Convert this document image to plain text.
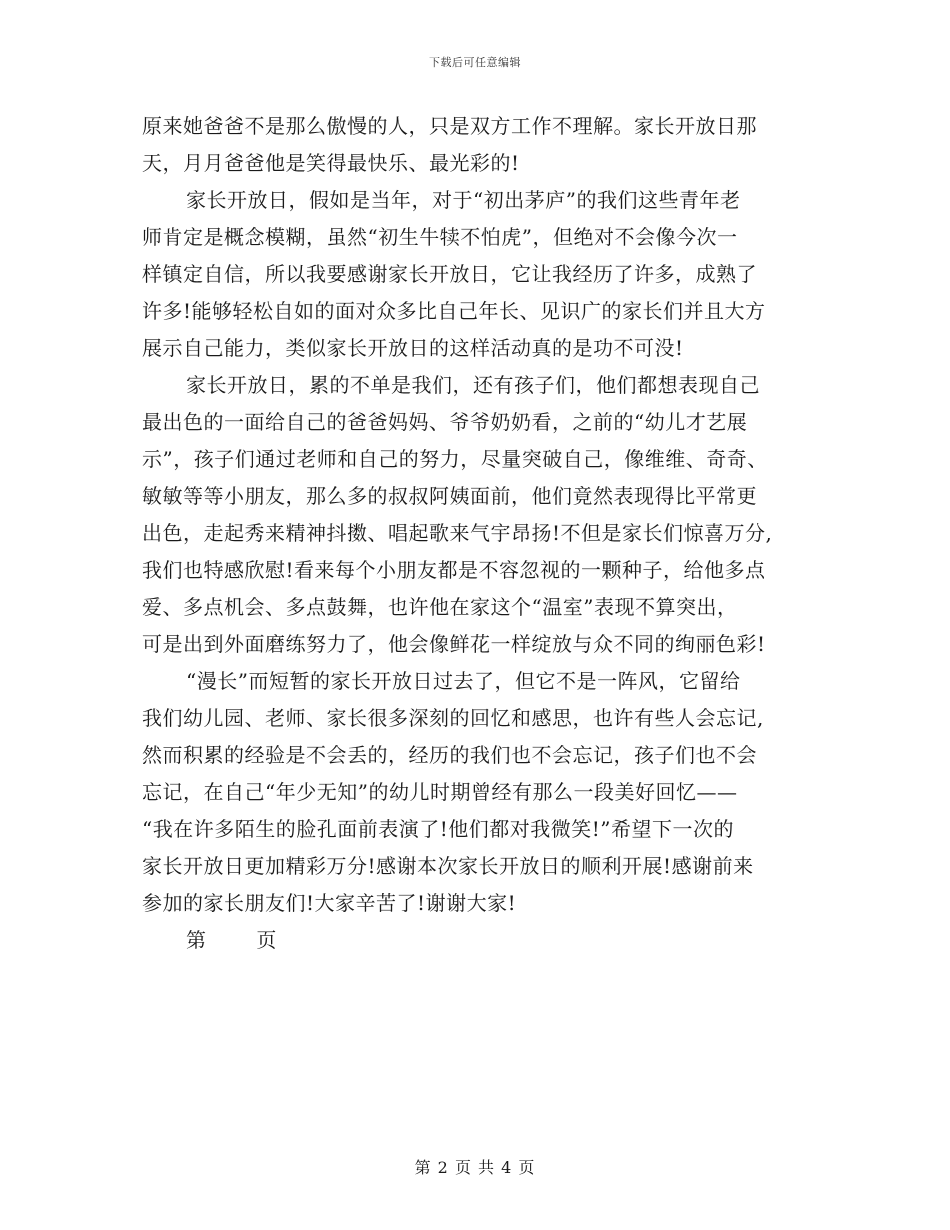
下载后可任意编辑
原来她爸爸不是那么傲慢的人，只是双方工作不理解。家长开放日那
天，月月爸爸他是笑得最快乐、最光彩的!
家长开放日，假如是当年，对于“初出茅庐”的我们这些青年老
师肯定是概念模糊，虽然“初生牛犊不怕虎”，但绝对不会像今次一
样镇定自信，所以我要感谢家长开放日，它让我经历了许多，成熟了
许多!能够轻松自如的面对众多比自己年长、见识广的家长们并且大方
展示自己能力，类似家长开放日的这样活动真的是功不可没!
家长开放日，累的不单是我们，还有孩子们，他们都想表现自己
最出色的一面给自己的爸爸妈妈、爷爷奶奶看，之前的“幼儿才艺展
示”，孩子们通过老师和自己的努力，尽量突破自己，像维维、奇奇、
敏敏等等小朋友，那么多的叔叔阿姨面前，他们竟然表现得比平常更
出色，走起秀来精神抖擞、唱起歌来气宇昂扬!不但是家长们惊喜万分,
我们也特感欣慰!看来每个小朋友都是不容忽视的一颗种子，给他多点
爱、多点机会、多点鼓舞，也许他在家这个“温室”表现不算突出，
可是出到外面磨练努力了，他会像鲜花一样绽放与众不同的绚丽色彩!
“漫长”而短暂的家长开放日过去了，但它不是一阵风，它留给
我们幼儿园、老师、家长很多深刻的回忆和感思，也许有些人会忘记,
然而积累的经验是不会丢的，经历的我们也不会忘记，孩子们也不会
忘记，在自己“年少无知”的幼儿时期曾经有那么一段美好回忆——
“我在许多陌生的脸孔面前表演了!他们都对我微笑!”希望下一次的
家长开放日更加精彩万分!感谢本次家长开放日的顺利开展!感谢前来
参加的家长朋友们!大家辛苦了!谢谢大家!
第 页
第 2 页 共 4 页
